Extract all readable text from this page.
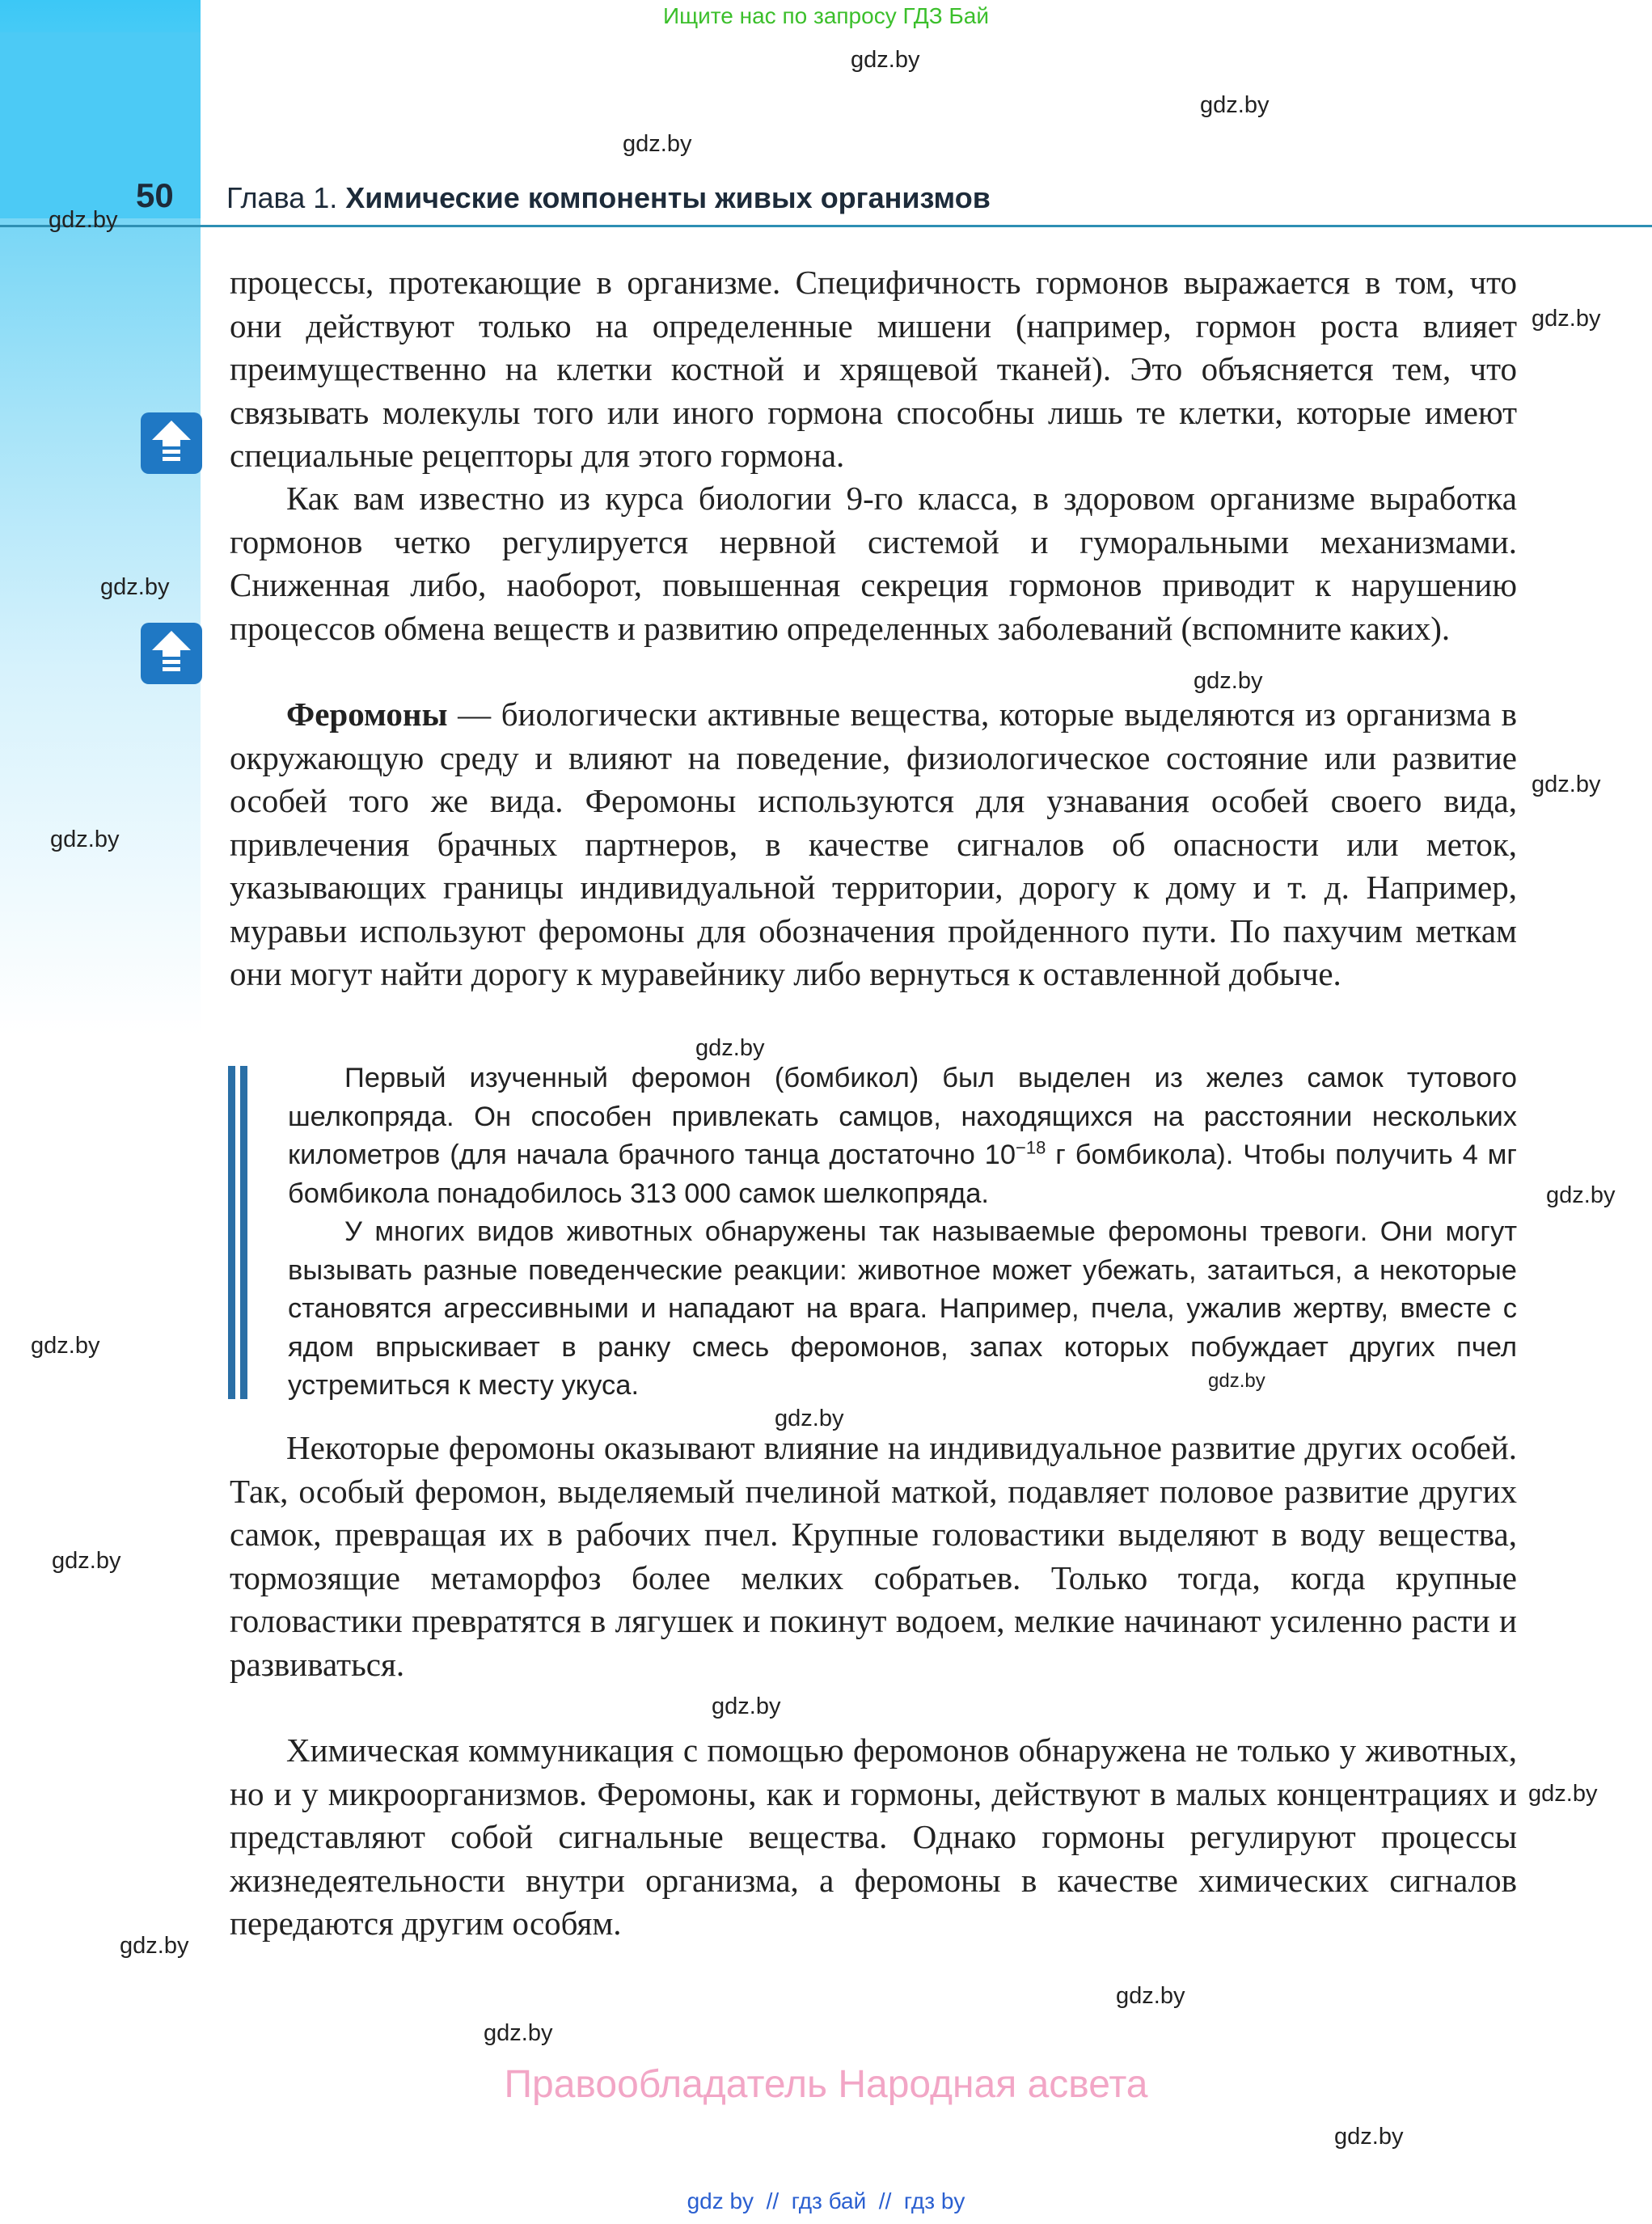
Ищите нас по запросу ГДЗ Бай
50 Глава 1. Химические компоненты живых организмов

процессы, протекающие в организме. Специфичность гормонов выражается в том, что они действуют только на определенные мишени (например, гормон роста влияет преимущественно на клетки костной и хрящевой тканей). Это объясняется тем, что связывать молекулы того или иного гормона способны лишь те клетки, которые имеют специальные рецепторы для этого гормона.

Как вам известно из курса биологии 9-го класса, в здоровом организме выработка гормонов четко регулируется нервной системой и гуморальными механизмами. Сниженная либо, наоборот, повышенная секреция гормонов приводит к нарушению процессов обмена веществ и развитию определенных заболеваний (вспомните каких).

Феромоны — биологически активные вещества, которые выделяются из организма в окружающую среду и влияют на поведение, физиологическое состояние или развитие особей того же вида. Феромоны используются для узнавания особей своего вида, привлечения брачных партнеров, в качестве сигналов об опасности или меток, указывающих границы индивидуальной территории, дорогу к дому и т. д. Например, муравьи используют феромоны для обозначения пройденного пути. По пахучим меткам они могут найти дорогу к муравейнику либо вернуться к оставленной добыче.

Первый изученный феромон (бомбикол) был выделен из желез самок тутового шелкопряда. Он способен привлекать самцов, находящихся на расстоянии нескольких километров (для начала брачного танца достаточно $10^{-18}$ г бомбикола). Чтобы получить 4 мг бомбикола понадобилось 313 000 самок шелкопряда.

У многих видов животных обнаружены так называемые феромоны тревоги. Они могут вызывать разные поведенческие реакции: животное может убежать, затаиться, а некоторые становятся агрессивными и нападают на врага. Например, пчела, ужалив жертву, вместе с ядом впрыскивает в ранку смесь феромонов, запах которых побуждает других пчел устремиться к месту укуса.

Некоторые феромоны оказывают влияние на индивидуальное развитие других особей. Так, особый феромон, выделяемый пчелиной маткой, подавляет половое развитие других самок, превращая их в рабочих пчел. Крупные головастики выделяют в воду вещества, тормозящие метаморфоз более мелких собратьев. Только тогда, когда крупные головастики превратятся в лягушек и покинут водоем, мелкие начинают усиленно расти и развиваться.

Химическая коммуникация с помощью феромонов обнаружена не только у животных, но и у микроорганизмов. Феромоны, как и гормоны, действуют в малых концентрациях и представляют собой сигнальные вещества. Однако гормоны регулируют процессы жизнедеятельности внутри организма, а феромоны в качестве химических сигналов передаются другим особям.

gdz.by
gdz.by
gdz.by
gdz.by
gdz.by
gdz.by
gdz.by
gdz.by
gdz.by
gdz.by
gdz.by
gdz.by
gdz.by
gdz.by
gdz.by
gdz.by
gdz.by
gdz.by
gdz.by
gdz.by
gdz.by
Правообладатель Народная асвета
gdz by  //  гдз бай  //  гдз by
